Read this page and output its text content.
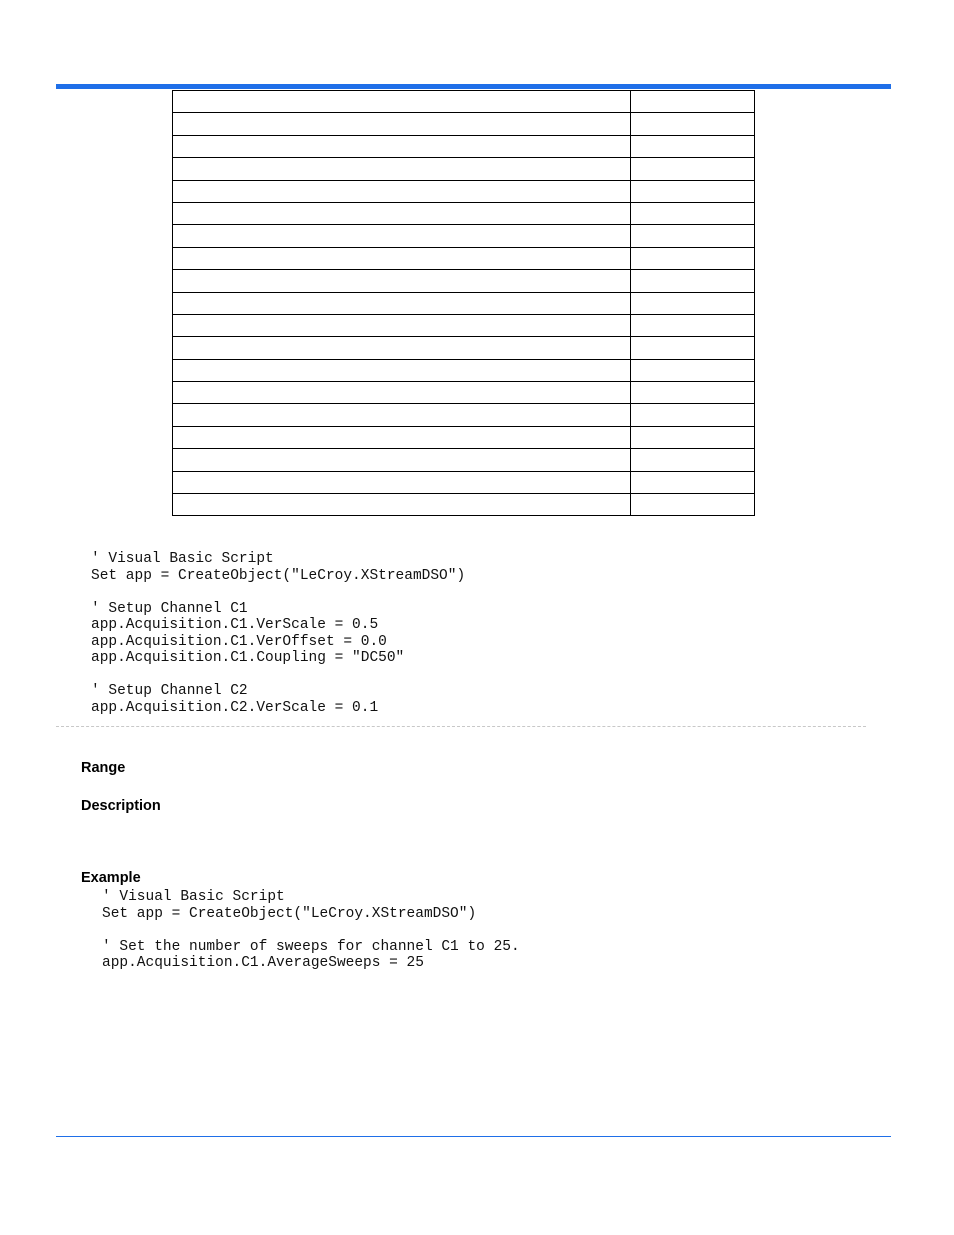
' Visual Basic Script
Set app = CreateObject("LeCroy.XStreamDSO")

' Setup Channel C1
app.Acquisition.C1.VerScale = 0.5
app.Acquisition.C1.VerOffset = 0.0
app.Acquisition.C1.Coupling = "DC50"

' Setup Channel C2
app.Acquisition.C2.VerScale = 0.1
Range
Description
Example
' Visual Basic Script
Set app = CreateObject("LeCroy.XStreamDSO")

' Set the number of sweeps for channel C1 to 25.
app.Acquisition.C1.AverageSweeps = 25
